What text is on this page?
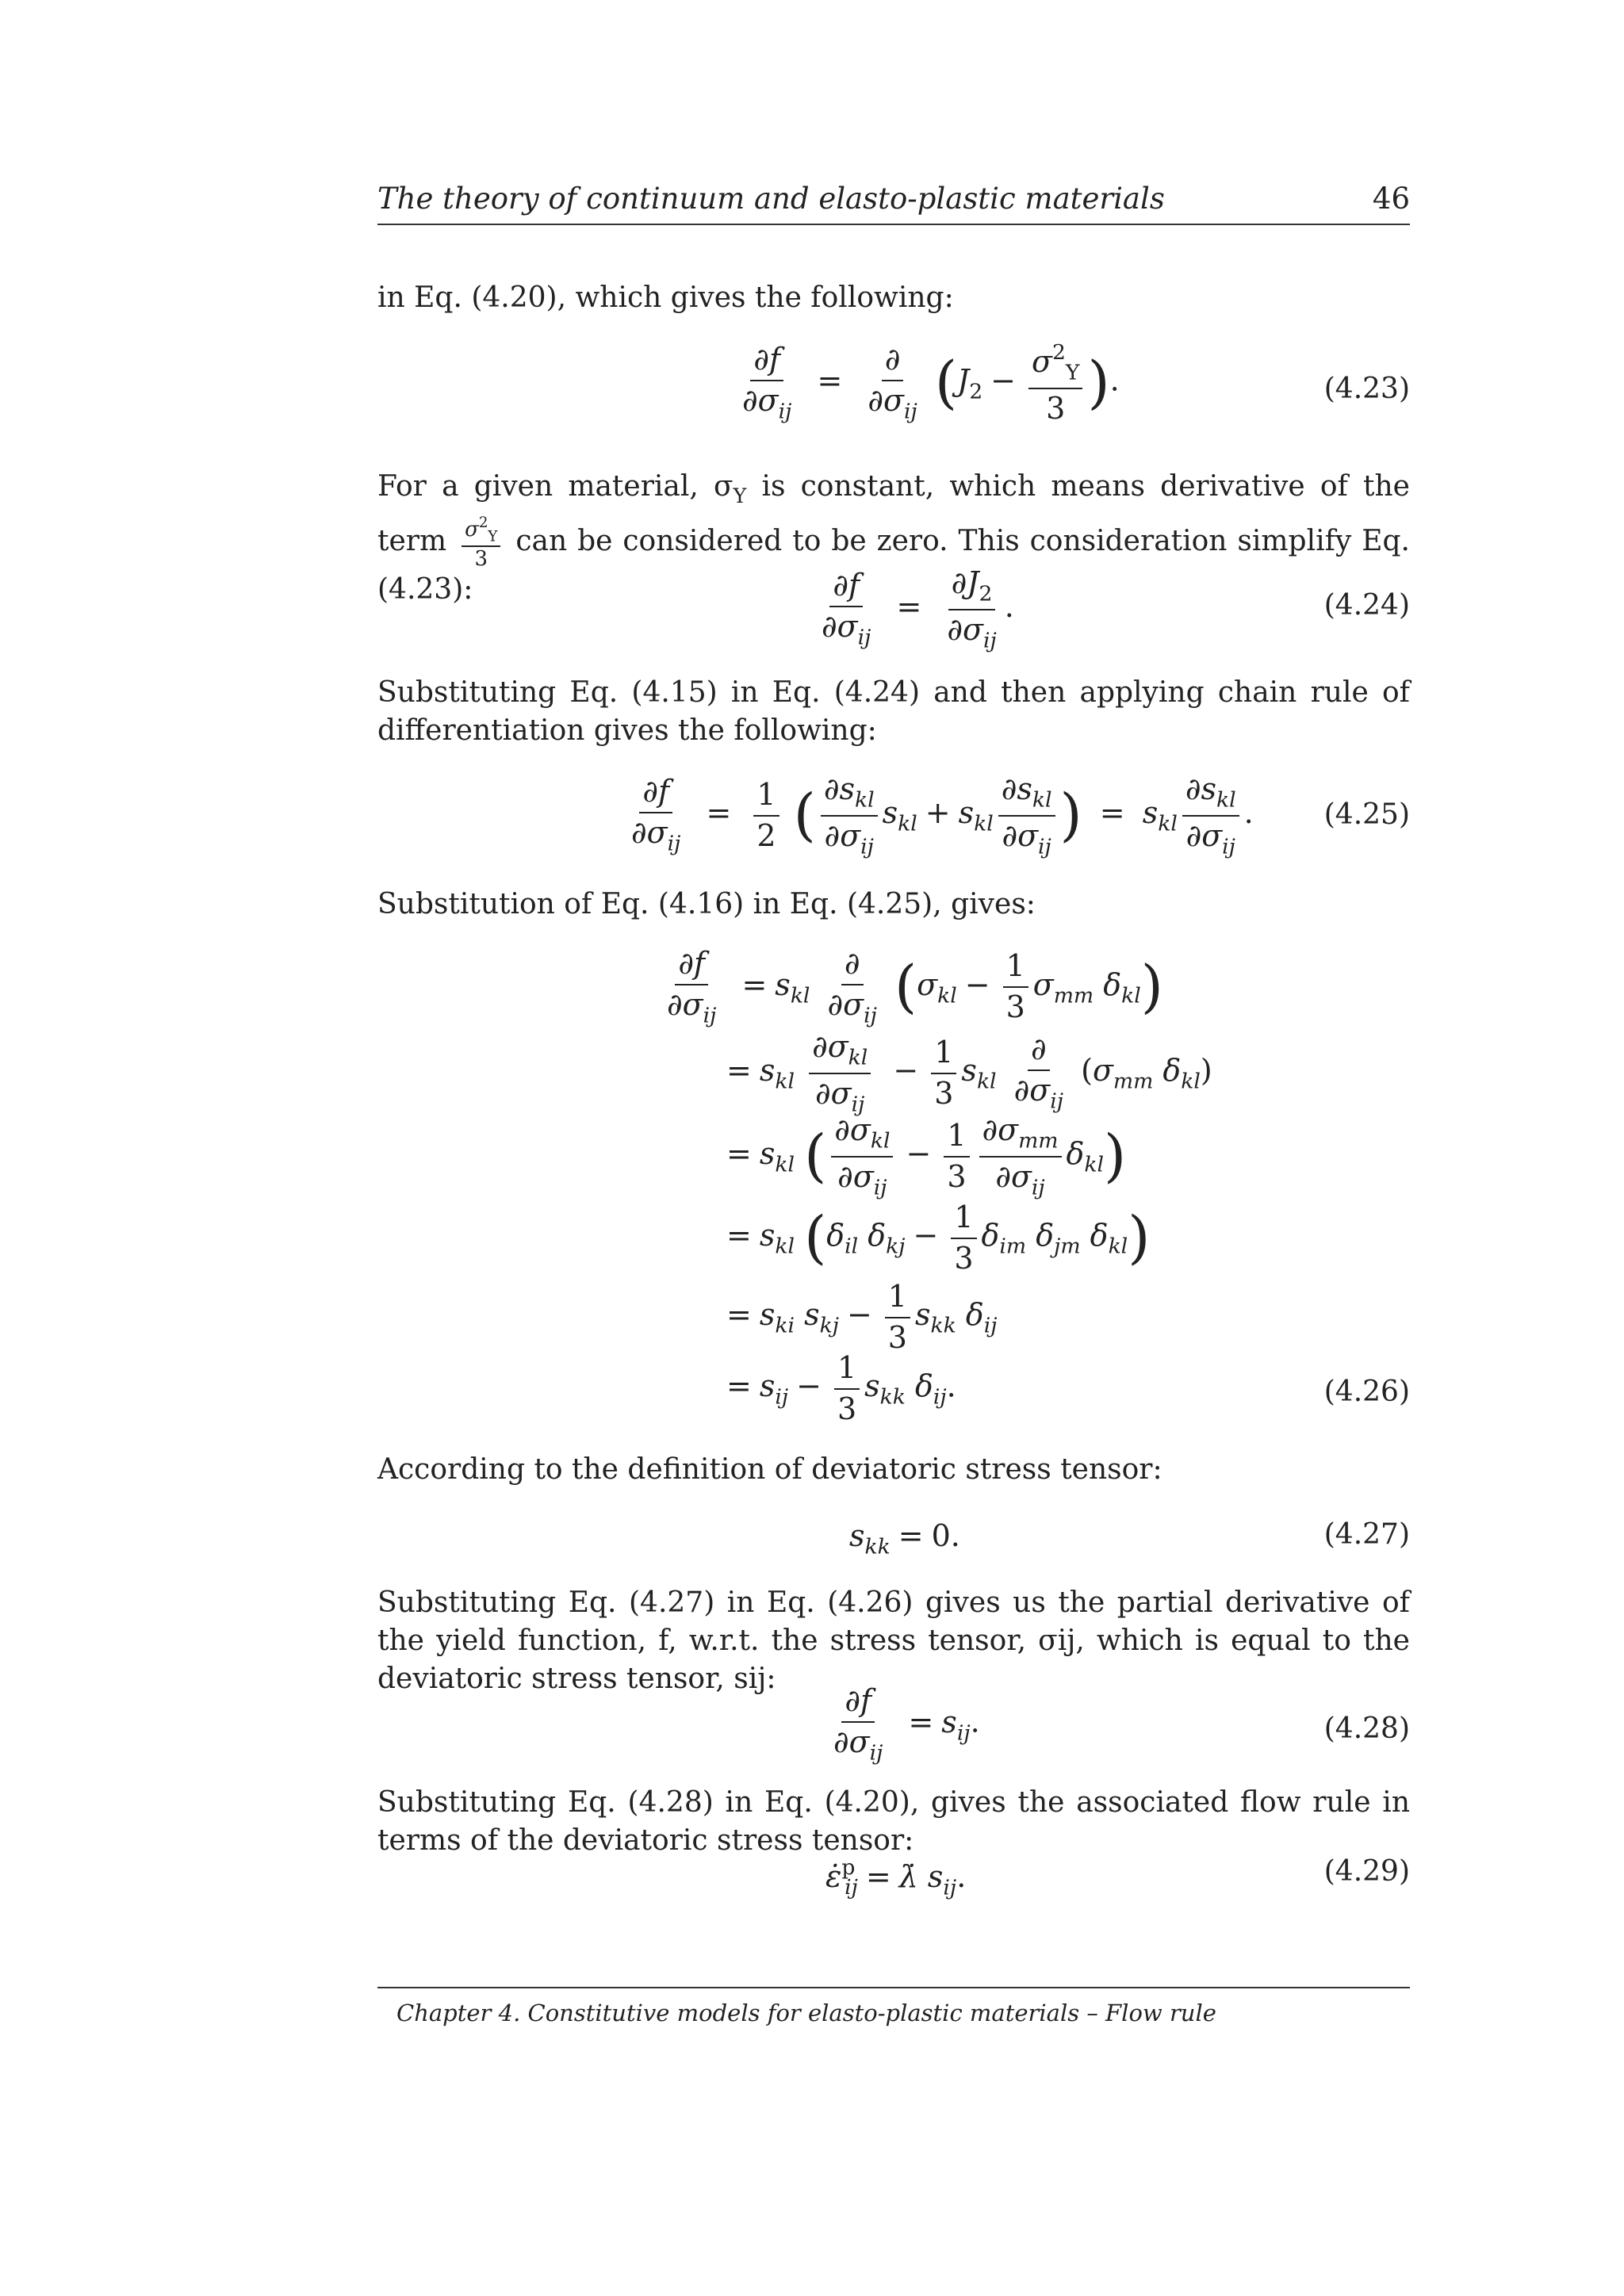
The theory of continuum and elasto-plastic materials	46
in Eq. (4.20), which gives the following:
$\frac{\partial f}{\partial\sigma_{ij}} = \frac{\partial}{\partial\sigma_{ij}} (J_2 - \frac{\sigma^2_Y}{3}$ ).	(4.23)
For a given material, $\sigma_Y$ is constant, which means derivative of the term $\frac{\sigma^2_Y}{3}$ can be considered to be zero. This consideration simplify Eq. (4.23):	$\frac{\partial f}{\partial\sigma_{ij}} = \frac{\partial J_2}{\partial\sigma_{ij}}$ .	(4.24)
Substituting Eq. (4.15) in Eq. (4.24) and then applying chain rule of differentiation gives the following:
$\frac{\partial f}{\partial\sigma_{ij}} = \frac{1}{2}$ ( $\frac{\partial s_{kl}}{\partial\sigma_{ij}} s_{kl} + s_{kl} \frac{\partial s_{kl}}{\partial\sigma_{ij}}$ ) = $s_{kl} \frac{\partial s_{kl}}{\partial\sigma_{ij}}$ . (4.25)
Substitution of Eq. (4.16) in Eq. (4.25), gives:
$\frac{\partial f}{\partial\sigma_{ij}} = s_{kl} \frac{\partial}{\partial\sigma_{ij}} (\sigma_{kl} - \frac{1}{3} \sigma_{mm}$ $\delta_{kl}$)
= $s_{kl} \frac{\partial\sigma_{kl}}{\partial\sigma_{ij}} - \frac{1}{3} s_{kl} \frac{\partial}{\partial\sigma_{ij}} (\sigma_{mm}$ $\delta_{kl}$)
= $s_{kl}$ ( $\frac{\partial\sigma_{kl}}{\partial\sigma_{ij}} - \frac{1}{3} \frac{\partial\sigma_{mm}}{\partial\sigma_{ij}} \delta_{kl}$)
= $s_{kl}$ ($\delta_{il}$ $\delta_{kj} - \frac{1}{3} \delta_{im}$ $\delta_{jm}$ $\delta_{kl}$)
= $s_{ki}$ $s_{kj} - \frac{1}{3} s_{kk}$ $\delta_{ij}$
= $s_{ij} - \frac{1}{3} s_{kk}$ $\delta_{ij}$.	(4.26)
According to the definition of deviatoric stress tensor:
$s_{kk} = 0$.	(4.27)
Substituting Eq. (4.27) in Eq. (4.26) gives us the partial derivative of the yield function, f, w.r.t. the stress tensor, σij, which is equal to the deviatoric stress tensor, sij:
$\frac{\partial f}{\partial\sigma_{ij}} = s_{ij}$.	(4.28)
Substituting Eq. (4.28) in Eq. (4.20), gives the associated flow rule in terms of the deviatoric stress tensor:
ε̇$^p_{ij}$ = λ̇ $s_{ij}$.	(4.29)
Chapter 4. Constitutive models for elasto-plastic materials – Flow rule
